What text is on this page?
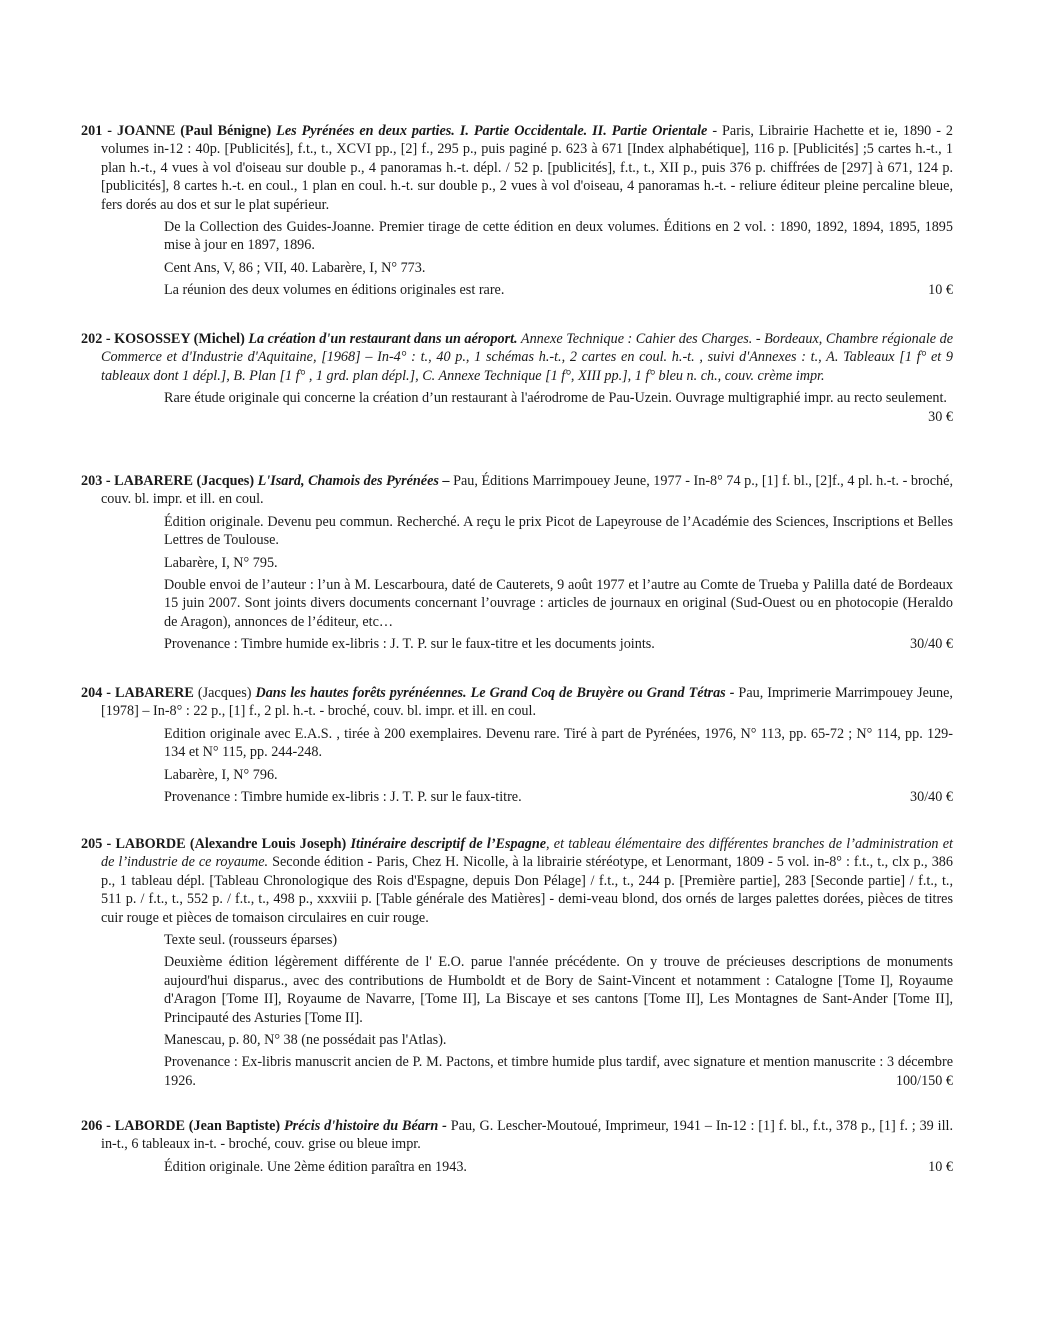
201 - JOANNE (Paul Bénigne) Les Pyrénées en deux parties. I. Partie Occidentale. II. Partie Orientale - Paris, Librairie Hachette et ie, 1890 - 2 volumes in-12 : 40p. [Publicités], f.t., t., XCVI pp., [2] f., 295 p., puis paginé p. 623 à 671 [Index alphabétique], 116 p. [Publicités] ;5 cartes h.-t., 1 plan h.-t., 4 vues à vol d'oiseau sur double p., 4 panoramas h.-t. dépl. / 52 p. [publicités], f.t., t., XII p., puis 376 p. chiffrées de [297] à 671, 124 p. [publicités], 8 cartes h.-t. en coul., 1 plan en coul. h.-t. sur double p., 2 vues à vol d'oiseau, 4 panoramas h.-t. - reliure éditeur pleine percaline bleue, fers dorés au dos et sur le plat supérieur.
De la Collection des Guides-Joanne. Premier tirage de cette édition en deux volumes. Éditions en 2 vol. : 1890, 1892, 1894, 1895, 1895 mise à jour en 1897, 1896.
Cent Ans, V, 86 ; VII, 40. Labarère, I, N° 773.
10 €
La réunion des deux volumes en éditions originales est rare.
202 - KOSOSSEY (Michel) La création d'un restaurant dans un aéroport. Annexe Technique : Cahier des Charges. - Bordeaux, Chambre régionale de Commerce et d'Industrie d'Aquitaine, [1968] – In-4° : t., 40 p., 1 schémas h.-t., 2 cartes en coul. h.-t. , suivi d'Annexes : t., A. Tableaux [1 f° et 9 tableaux dont 1 dépl.], B. Plan [1 f° , 1 grd. plan dépl.], C. Annexe Technique [1 f°, XIII pp.], 1 f° bleu n. ch., couv. crème impr.
Rare étude originale qui concerne la création d’un restaurant à l'aérodrome de Pau-Uzein. Ouvrage multigraphié impr. au recto seulement.
30 €
203 - LABARERE (Jacques) L'Isard, Chamois des Pyrénées – Pau, Éditions Marrimpouey Jeune, 1977 - In-8° 74 p., [1] f. bl., [2]f., 4 pl. h.-t. - broché, couv. bl. impr. et ill. en coul.
Édition originale. Devenu peu commun. Recherché. A reçu le prix Picot de Lapeyrouse de l’Académie des Sciences, Inscriptions et Belles Lettres de Toulouse.
Labarère, I, N° 795.
Double envoi de l’auteur : l’un à M. Lescarboura, daté de Cauterets, 9 août 1977 et l’autre au Comte de Trueba y Palilla daté de Bordeaux 15 juin 2007. Sont joints divers documents concernant l’ouvrage : articles de journaux en original (Sud-Ouest ou en photocopie (Heraldo de Aragon), annonces de l’éditeur, etc…
30/40 €
Provenance : Timbre humide ex-libris : J. T. P. sur le faux-titre et les documents joints.
204 - LABARERE (Jacques) Dans les hautes forêts pyrénéennes. Le Grand Coq de Bruyère ou Grand Tétras - Pau, Imprimerie Marrimpouey Jeune, [1978] – In-8° : 22 p., [1] f., 2 pl. h.-t. - broché, couv. bl. impr. et ill. en coul.
Edition originale avec E.A.S. , tirée à 200 exemplaires. Devenu rare. Tiré à part de Pyrénées, 1976, N° 113, pp. 65-72 ; N° 114, pp. 129-134 et N° 115, pp. 244-248.
Labarère, I, N° 796.
30/40 €
Provenance : Timbre humide ex-libris : J. T. P. sur le faux-titre.
205 - LABORDE (Alexandre Louis Joseph) Itinéraire descriptif de l’Espagne, et tableau élémentaire des différentes branches de l’administration et de l’industrie de ce royaume. Seconde édition - Paris, Chez H. Nicolle, à la librairie stéréotype, et Lenormant, 1809 - 5 vol. in-8° : f.t., t., clx p., 386 p., 1 tableau dépl. [Tableau Chronologique des Rois d'Espagne, depuis Don Pélage] / f.t., t., 244 p. [Première partie], 283 [Seconde partie] / f.t., t., 511 p. / f.t., t., 552 p. / f.t., t., 498 p., xxxviii p. [Table générale des Matières] - demi-veau blond, dos ornés de larges palettes dorées, pièces de titres cuir rouge et pièces de tomaison circulaires en cuir rouge.
Texte seul. (rousseurs éparses)
Deuxième édition légèrement différente de l' E.O. parue l'année précédente. On y trouve de précieuses descriptions de monuments aujourd'hui disparus., avec des contributions de Humboldt et de Bory de Saint-Vincent et notamment : Catalogne [Tome I], Royaume d'Aragon [Tome II], Royaume de Navarre, [Tome II], La Biscaye et ses cantons [Tome II], Les Montagnes de Sant-Ander [Tome II], Principauté des Asturies [Tome II].
Manescau, p. 80, N° 38 (ne possédait pas l'Atlas).
Provenance : Ex-libris manuscrit ancien de P. M. Pactons, et timbre humide plus tardif, avec signature et mention manuscrite : 3 décembre 1926.	100/150 €
206 - LABORDE (Jean Baptiste) Précis d'histoire du Béarn - Pau, G. Lescher-Moutoué, Imprimeur, 1941 – In-12 : [1] f. bl., f.t., 378 p., [1] f. ; 39 ill. in-t., 6 tableaux in-t. - broché, couv. grise ou bleue impr.
10 €
Édition originale. Une 2ème édition paraîtra en 1943.
